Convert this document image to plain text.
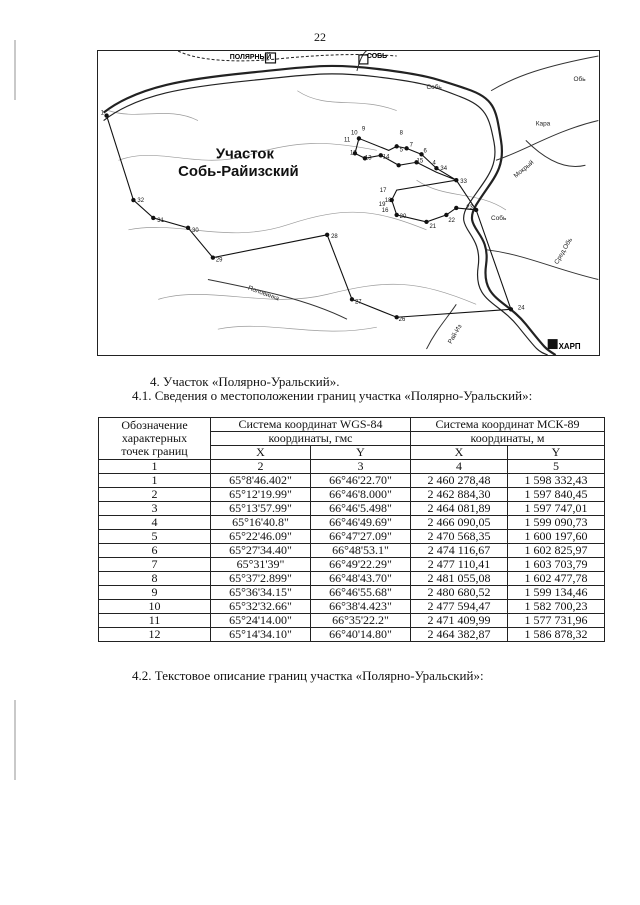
22
ПОЛЯРНЫЙ	СОБЬ
ХАРП
Собь
Собь
Обь
Половинка
Мокрый
Сред.Обь
Кара
Рай-Из
Участок
Собь-Райизский
1
8
9
10
11
12
13 14
15
16
17
18
19
20
21
22
23
24
26
27
28
29
30
31
32
33
34
7
6
5
4
4. Участок «Полярно-Уральский».
4.1. Сведения о местоположении границ участка «Полярно-Уральский»:
Обозначение
характерных
точек границ	Система координат WGS-84		Система координат МСК-89	
	координаты, гмс		координаты, м	
	X	Y	X	Y
1	2	3	4	5
1	65°8'46.402"	66°46'22.70"	2 460 278,48	1 598 332,43
2	65°12'19.99"	66°46'8.000"	2 462 884,30	1 597 840,45
3	65°13'57.99"	66°46'5.498"	2 464 081,89	1 597 747,01
4	65°16'40.8"	66°46'49.69"	2 466 090,05	1 599 090,73
5	65°22'46.09"	66°47'27.09"	2 470 568,35	1 600 197,60
6	65°27'34.40"	66°48'53.1"	2 474 116,67	1 602 825,97
7	65°31'39"	66°49'22.29"	2 477 110,41	1 603 703,79
8	65°37'2.899"	66°48'43.70"	2 481 055,08	1 602 477,78
9	65°36'34.15"	66°46'55.68"	2 480 680,52	1 599 134,46
10	65°32'32.66"	66°38'4.423"	2 477 594,47	1 582 700,23
11	65°24'14.00"	66°35'22.2"	2 471 409,99	1 577 731,96
12	65°14'34.10"	66°40'14.80"	2 464 382,87	1 586 878,32
4.2. Текстовое описание границ участка «Полярно-Уральский»:
